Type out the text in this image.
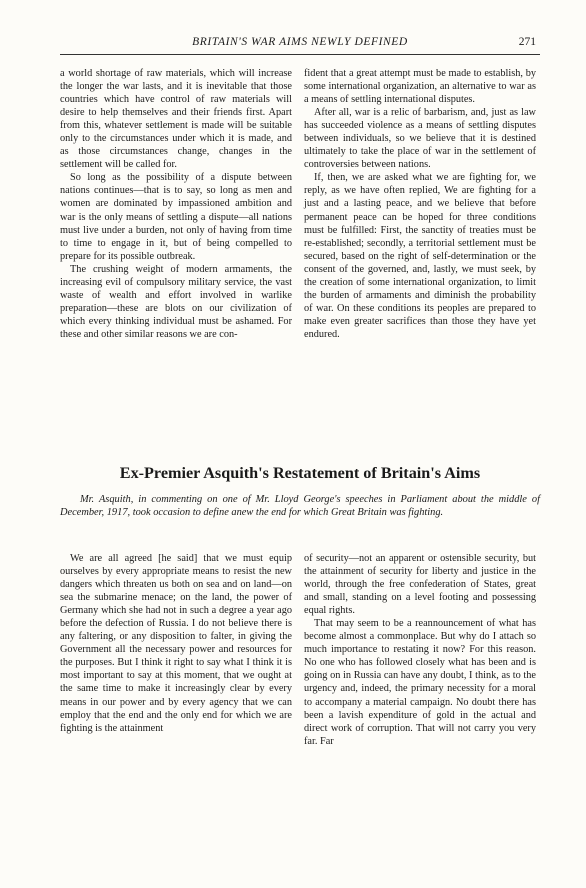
BRITAIN'S WAR AIMS NEWLY DEFINED	271

a world shortage of raw materials, which will increase the longer the war lasts, and it is inevitable that those countries which have control of raw materials will desire to help themselves and their friends first. Apart from this, whatever settlement is made will be suitable only to the circumstances under which it is made, and as those circumstances change, changes in the settlement will be called for.

So long as the possibility of a dispute between nations continues—that is to say, so long as men and women are dominated by impassioned ambition and war is the only means of settling a dispute—all nations must live under a burden, not only of having from time to time to engage in it, but of being compelled to prepare for its possible outbreak.

The crushing weight of modern armaments, the increasing evil of compulsory military service, the vast waste of wealth and effort involved in warlike preparation—these are blots on our civilization of which every thinking individual must be ashamed. For these and other similar reasons we are con-

fident that a great attempt must be made to establish, by some international organization, an alternative to war as a means of settling international disputes.

After all, war is a relic of barbarism, and, just as law has succeeded violence as a means of settling disputes between individuals, so we believe that it is destined ultimately to take the place of war in the settlement of controversies between nations.

If, then, we are asked what we are fighting for, we reply, as we have often replied, We are fighting for a just and a lasting peace, and we believe that before permanent peace can be hoped for three conditions must be fulfilled: First, the sanctity of treaties must be re-established; secondly, a territorial settlement must be secured, based on the right of self-determination or the consent of the governed, and, lastly, we must seek, by the creation of some international organization, to limit the burden of armaments and diminish the probability of war. On these conditions its peoples are prepared to make even greater sacrifices than those they have yet endured.

Ex-Premier Asquith's Restatement of Britain's Aims
Mr. Asquith, in commenting on one of Mr. Lloyd George's speeches in Parliament about the middle of December, 1917, took occasion to define anew the end for which Great Britain was fighting.

We are all agreed [he said] that we must equip ourselves by every appropriate means to resist the new dangers which threaten us both on sea and on land—on sea the submarine menace; on the land, the power of Germany which she had not in such a degree a year ago before the defection of Russia. I do not believe there is any faltering, or any disposition to falter, in giving the Government all the necessary power and resources for the purposes. But I think it right to say what I think it is most important to say at this moment, that we ought at the same time to make it increasingly clear by every means in our power and by every agency that we can employ that the end and the only end for which we are fighting is the attainment

of security—not an apparent or ostensible security, but the attainment of security for liberty and justice in the world, through the free confederation of States, great and small, standing on a level footing and possessing equal rights.

That may seem to be a reannouncement of what has become almost a commonplace. But why do I attach so much importance to restating it now? For this reason. No one who has followed closely what has been and is going on in Russia can have any doubt, I think, as to the urgency and, indeed, the primary necessity for a moral to accompany a material campaign. No doubt there has been a lavish expenditure of gold in the actual and direct work of corruption. That will not carry you very far. Far
